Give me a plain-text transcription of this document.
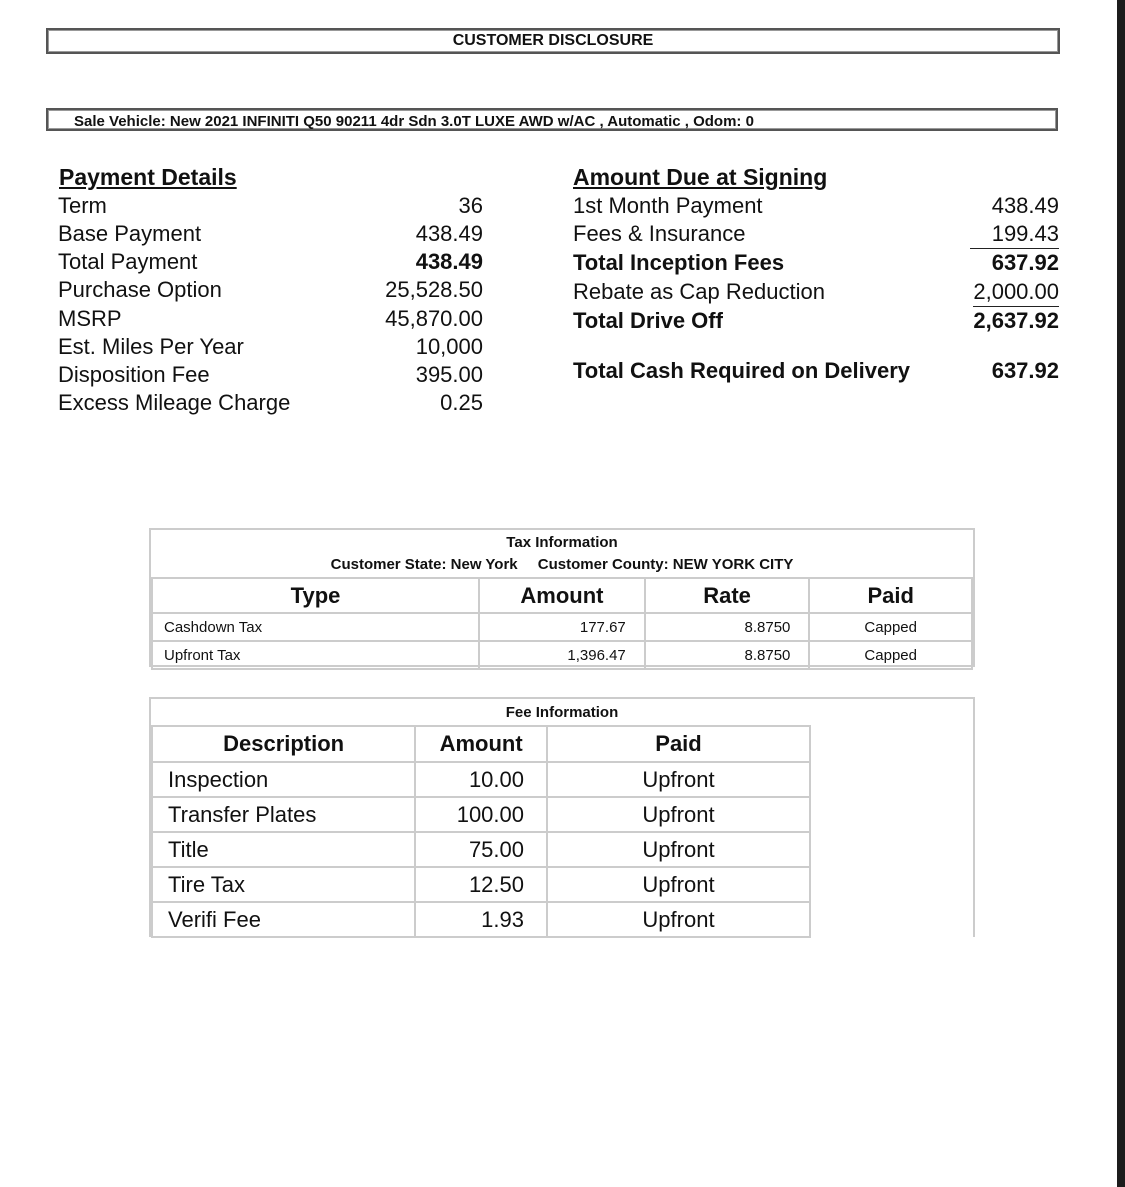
CUSTOMER DISCLOSURE
Sale Vehicle: New 2021 INFINITI Q50 90211 4dr Sdn 3.0T LUXE AWD w/AC , Automatic , Odom: 0
Payment Details
Term	36
Base Payment	438.49
Total Payment	438.49
Purchase Option	25,528.50
MSRP	45,870.00
Est. Miles Per Year	10,000
Disposition Fee	395.00
Excess Mileage Charge	0.25
Amount Due at Signing
1st Month Payment	438.49
Fees & Insurance	199.43
Total Inception Fees	637.92
Rebate as Cap Reduction	2,000.00
Total Drive Off	2,637.92
Total Cash Required on Delivery	637.92
Tax Information
Customer State: New York Customer County: NEW YORK CITY
Type	Amount	Rate	Paid
Cashdown Tax	177.67	8.8750	Capped
Upfront Tax	1,396.47	8.8750	Capped
Fee Information
Description	Amount	Paid
Inspection	10.00	Upfront
Transfer Plates	100.00	Upfront
Title	75.00	Upfront
Tire Tax	12.50	Upfront
Verifi Fee	1.93	Upfront
